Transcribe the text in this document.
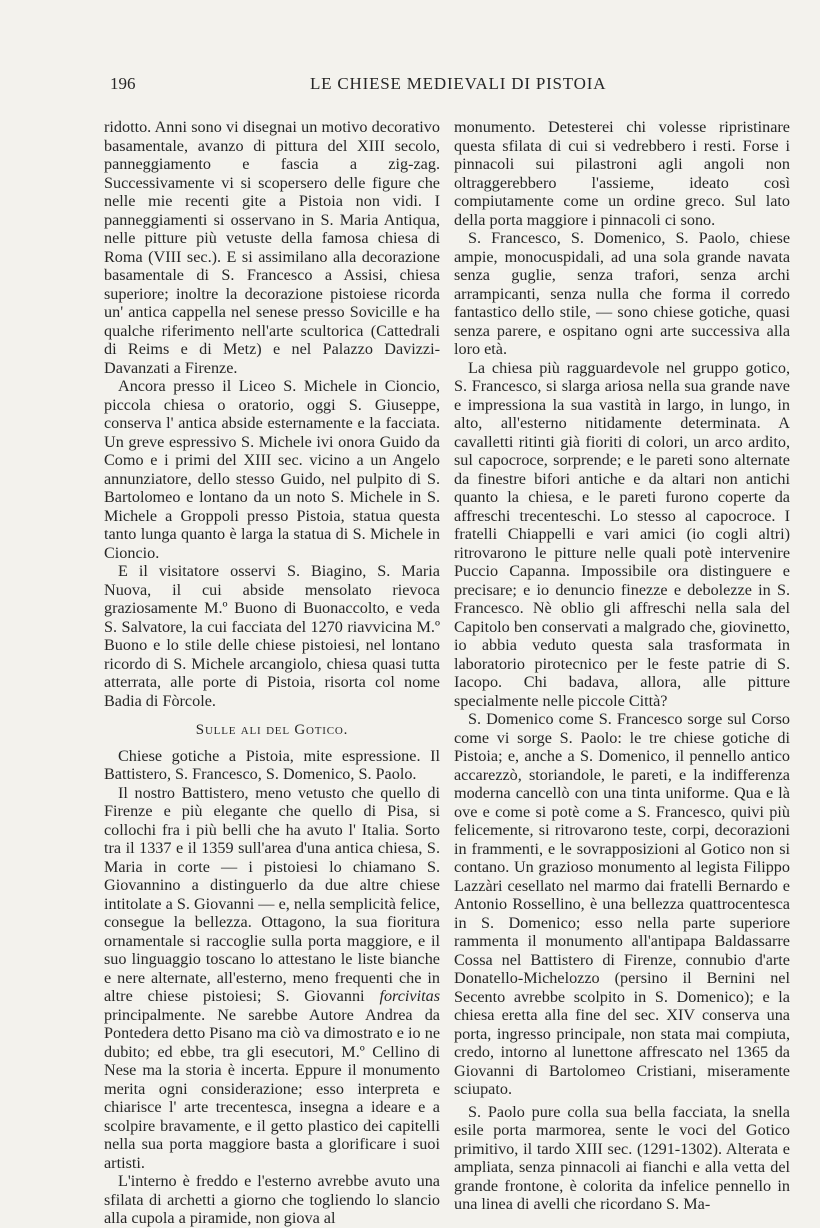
196	LE CHIESE MEDIEVALI DI PISTOIA

ridotto. Anni sono vi disegnai un motivo decorativo basamentale, avanzo di pittura del XIII secolo, panneggiamento e fascia a zig-zag. Successivamente vi si scopersero delle figure che nelle mie recenti gite a Pistoia non vidi. I panneggiamenti si osservano in S. Maria Antiqua, nelle pitture più vetuste della famosa chiesa di Roma (VIII sec.). E si assimilano alla decorazione basamentale di S. Francesco a Assisi, chiesa superiore; inoltre la decorazione pistoiese ricorda un' antica cappella nel senese presso Sovicille e ha qualche riferimento nell'arte scultorica (Cattedrali di Reims e di Metz) e nel Palazzo Davizzi-Davanzati a Firenze.

Ancora presso il Liceo S. Michele in Cioncio, piccola chiesa o oratorio, oggi S. Giuseppe, conserva l' antica abside esternamente e la facciata. Un greve espressivo S. Michele ivi onora Guido da Como e i primi del XIII sec. vicino a un Angelo annunziatore, dello stesso Guido, nel pulpito di S. Bartolomeo e lontano da un noto S. Michele in S. Michele a Groppoli presso Pistoia, statua questa tanto lunga quanto è larga la statua di S. Michele in Cioncio.

E il visitatore osservi S. Biagino, S. Maria Nuova, il cui abside mensolato rievoca graziosamente M.º Buono di Buonaccolto, e veda S. Salvatore, la cui facciata del 1270 riavvicina M.º Buono e lo stile delle chiese pistoiesi, nel lontano ricordo di S. Michele arcangiolo, chiesa quasi tutta atterrata, alle porte di Pistoia, risorta col nome Badia di Fòrcole.

Sulle ali del Gotico.

Chiese gotiche a Pistoia, mite espressione. Il Battistero, S. Francesco, S. Domenico, S. Paolo.

Il nostro Battistero, meno vetusto che quello di Firenze e più elegante che quello di Pisa, si collochi fra i più belli che ha avuto l' Italia. Sorto tra il 1337 e il 1359 sull'area d'una antica chiesa, S. Maria in corte — i pistoiesi lo chiamano S. Giovannino a distinguerlo da due altre chiese intitolate a S. Giovanni — e, nella semplicità felice, consegue la bellezza. Ottagono, la sua fioritura ornamentale si raccoglie sulla porta maggiore, e il suo linguaggio toscano lo attestano le liste bianche e nere alternate, all'esterno, meno frequenti che in altre chiese pistoiesi; S. Giovanni forcivitas principalmente. Ne sarebbe Autore Andrea da Pontedera detto Pisano ma ciò va dimostrato e io ne dubito; ed ebbe, tra gli esecutori, M.º Cellino di Nese ma la storia è incerta. Eppure il monumento merita ogni considerazione; esso interpreta e chiarisce l' arte trecentesca, insegna a ideare e a scolpire bravamente, e il getto plastico dei capitelli nella sua porta maggiore basta a glorificare i suoi artisti.

L'interno è freddo e l'esterno avrebbe avuto una sfilata di archetti a giorno che togliendo lo slancio alla cupola a piramide, non giova al

monumento. Detesterei chi volesse ripristinare questa sfilata di cui si vedrebbero i resti. Forse i pinnacoli sui pilastroni agli angoli non oltraggerebbero l'assieme, ideato così compiutamente come un ordine greco. Sul lato della porta maggiore i pinnacoli ci sono.

S. Francesco, S. Domenico, S. Paolo, chiese ampie, monocuspidali, ad una sola grande navata senza guglie, senza trafori, senza archi arrampicanti, senza nulla che forma il corredo fantastico dello stile, — sono chiese gotiche, quasi senza parere, e ospitano ogni arte successiva alla loro età.

La chiesa più ragguardevole nel gruppo gotico, S. Francesco, si slarga ariosa nella sua grande nave e impressiona la sua vastità in largo, in lungo, in alto, all'esterno nitidamente determinata. A cavalletti ritinti già fioriti di colori, un arco ardito, sul capocroce, sorprende; e le pareti sono alternate da finestre bifori antiche e da altari non antichi quanto la chiesa, e le pareti furono coperte da affreschi trecenteschi. Lo stesso al capocroce. I fratelli Chiappelli e vari amici (io cogli altri) ritrovarono le pitture nelle quali potè intervenire Puccio Capanna. Impossibile ora distinguere e precisare; e io denuncio finezze e debolezze in S. Francesco. Nè oblio gli affreschi nella sala del Capitolo ben conservati a malgrado che, giovinetto, io abbia veduto questa sala trasformata in laboratorio pirotecnico per le feste patrie di S. Iacopo. Chi badava, allora, alle pitture specialmente nelle piccole Città?

S. Domenico come S. Francesco sorge sul Corso come vi sorge S. Paolo: le tre chiese gotiche di Pistoia; e, anche a S. Domenico, il pennello antico accarezzò, storiandole, le pareti, e la indifferenza moderna cancellò con una tinta uniforme. Qua e là ove e come si potè come a S. Francesco, quivi più felicemente, si ritrovarono teste, corpi, decorazioni in frammenti, e le sovrapposizioni al Gotico non si contano. Un grazioso monumento al legista Filippo Lazzàri cesellato nel marmo dai fratelli Bernardo e Antonio Rossellino, è una bellezza quattrocentesca in S. Domenico; esso nella parte superiore rammenta il monumento all'antipapa Baldassarre Cossa nel Battistero di Firenze, connubio d'arte Donatello-Michelozzo (persino il Bernini nel Secento avrebbe scolpito in S. Domenico); e la chiesa eretta alla fine del sec. XIV conserva una porta, ingresso principale, non stata mai compiuta, credo, intorno al lunettone affrescato nel 1365 da Giovanni di Bartolomeo Cristiani, miseramente sciupato.

S. Paolo pure colla sua bella facciata, la snella esile porta marmorea, sente le voci del Gotico primitivo, il tardo XIII sec. (1291-1302). Alterata e ampliata, senza pinnacoli ai fianchi e alla vetta del grande frontone, è colorita da infelice pennello in una linea di avelli che ricordano S. Ma-
